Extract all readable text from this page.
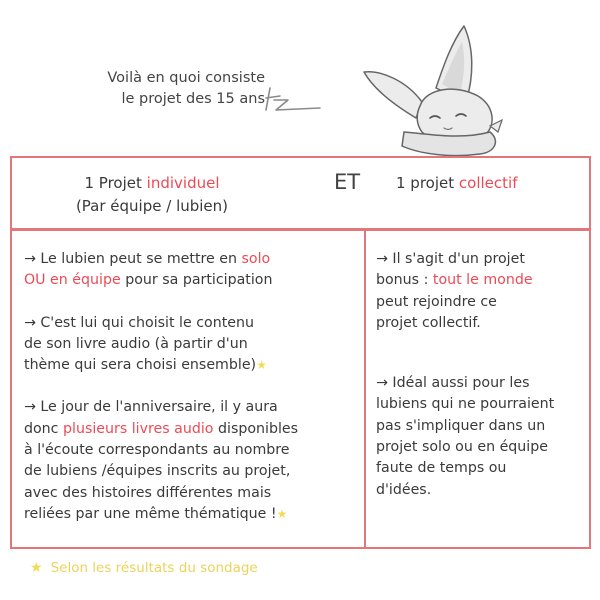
Voilà en quoi consiste
le projet des 15 ans
1 Projet individuel
(Par équipe / lubien)
ET 1 projet collectif

→ Le lubien peut se mettre en solo
OU en équipe pour sa participation

→ C'est lui qui choisit le contenu
de son livre audio (à partir d'un
thème qui sera choisi ensemble)★

→ Le jour de l'anniversaire, il y aura
donc plusieurs livres audio disponibles
à l'écoute correspondants au nombre
de lubiens /équipes inscrits au projet,
avec des histoires différentes mais
reliées par une même thématique !★

→ Il s'agit d'un projet
bonus : tout le monde
peut rejoindre ce
projet collectif.

→ Idéal aussi pour les
lubiens qui ne pourraient
pas s'impliquer dans un
projet solo ou en équipe
faute de temps ou
d'idées.

★ Selon les résultats du sondage
